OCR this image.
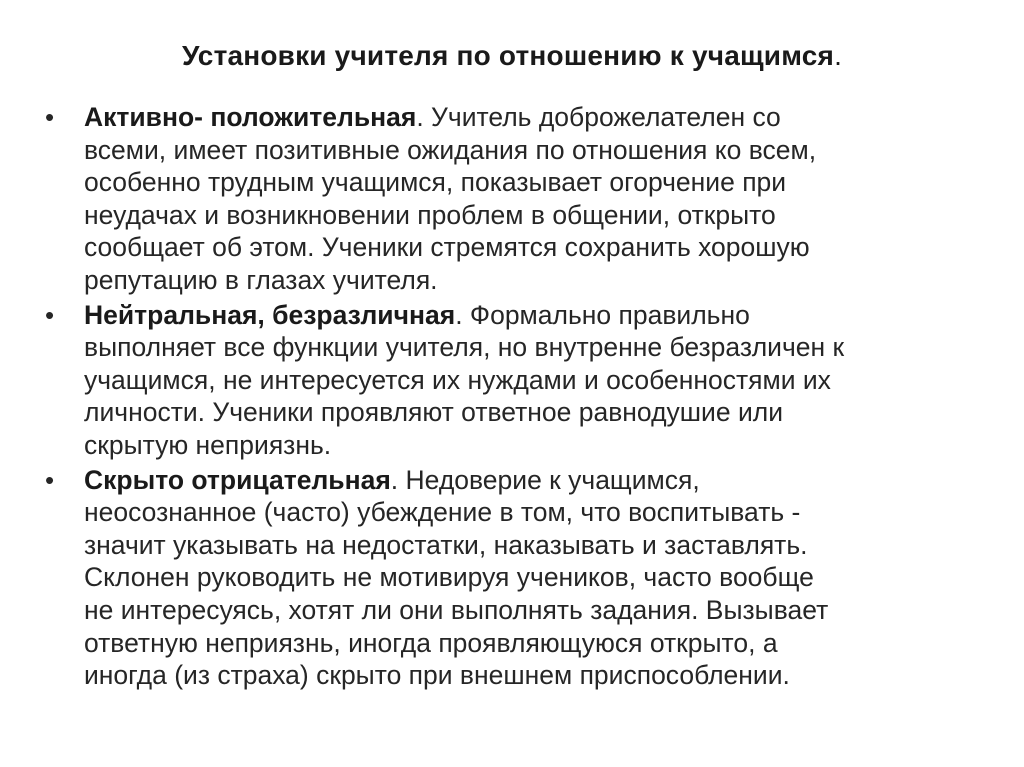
Установки учителя по отношению к учащимся.
•	Активно- положительная. Учитель доброжелателен со
всеми, имеет позитивные ожидания по отношения ко всем,
особенно трудным учащимся, показывает огорчение при
неудачах и возникновении проблем в общении, открыто
сообщает об этом. Ученики стремятся сохранить хорошую
репутацию в глазах учителя.
•	Нейтральная, безразличная. Формально правильно
выполняет все функции учителя, но внутренне безразличен к
учащимся, не интересуется их нуждами и особенностями их
личности. Ученики проявляют ответное равнодушие или
скрытую неприязнь.
•	Скрыто отрицательная. Недоверие к учащимся,
неосознанное (часто) убеждение в том, что воспитывать -
значит указывать на недостатки, наказывать и заставлять.
Склонен руководить не мотивируя учеников, часто вообще
не интересуясь, хотят ли они выполнять задания. Вызывает
ответную неприязнь, иногда проявляющуюся открыто, а
иногда (из страха) скрыто при внешнем приспособлении.
